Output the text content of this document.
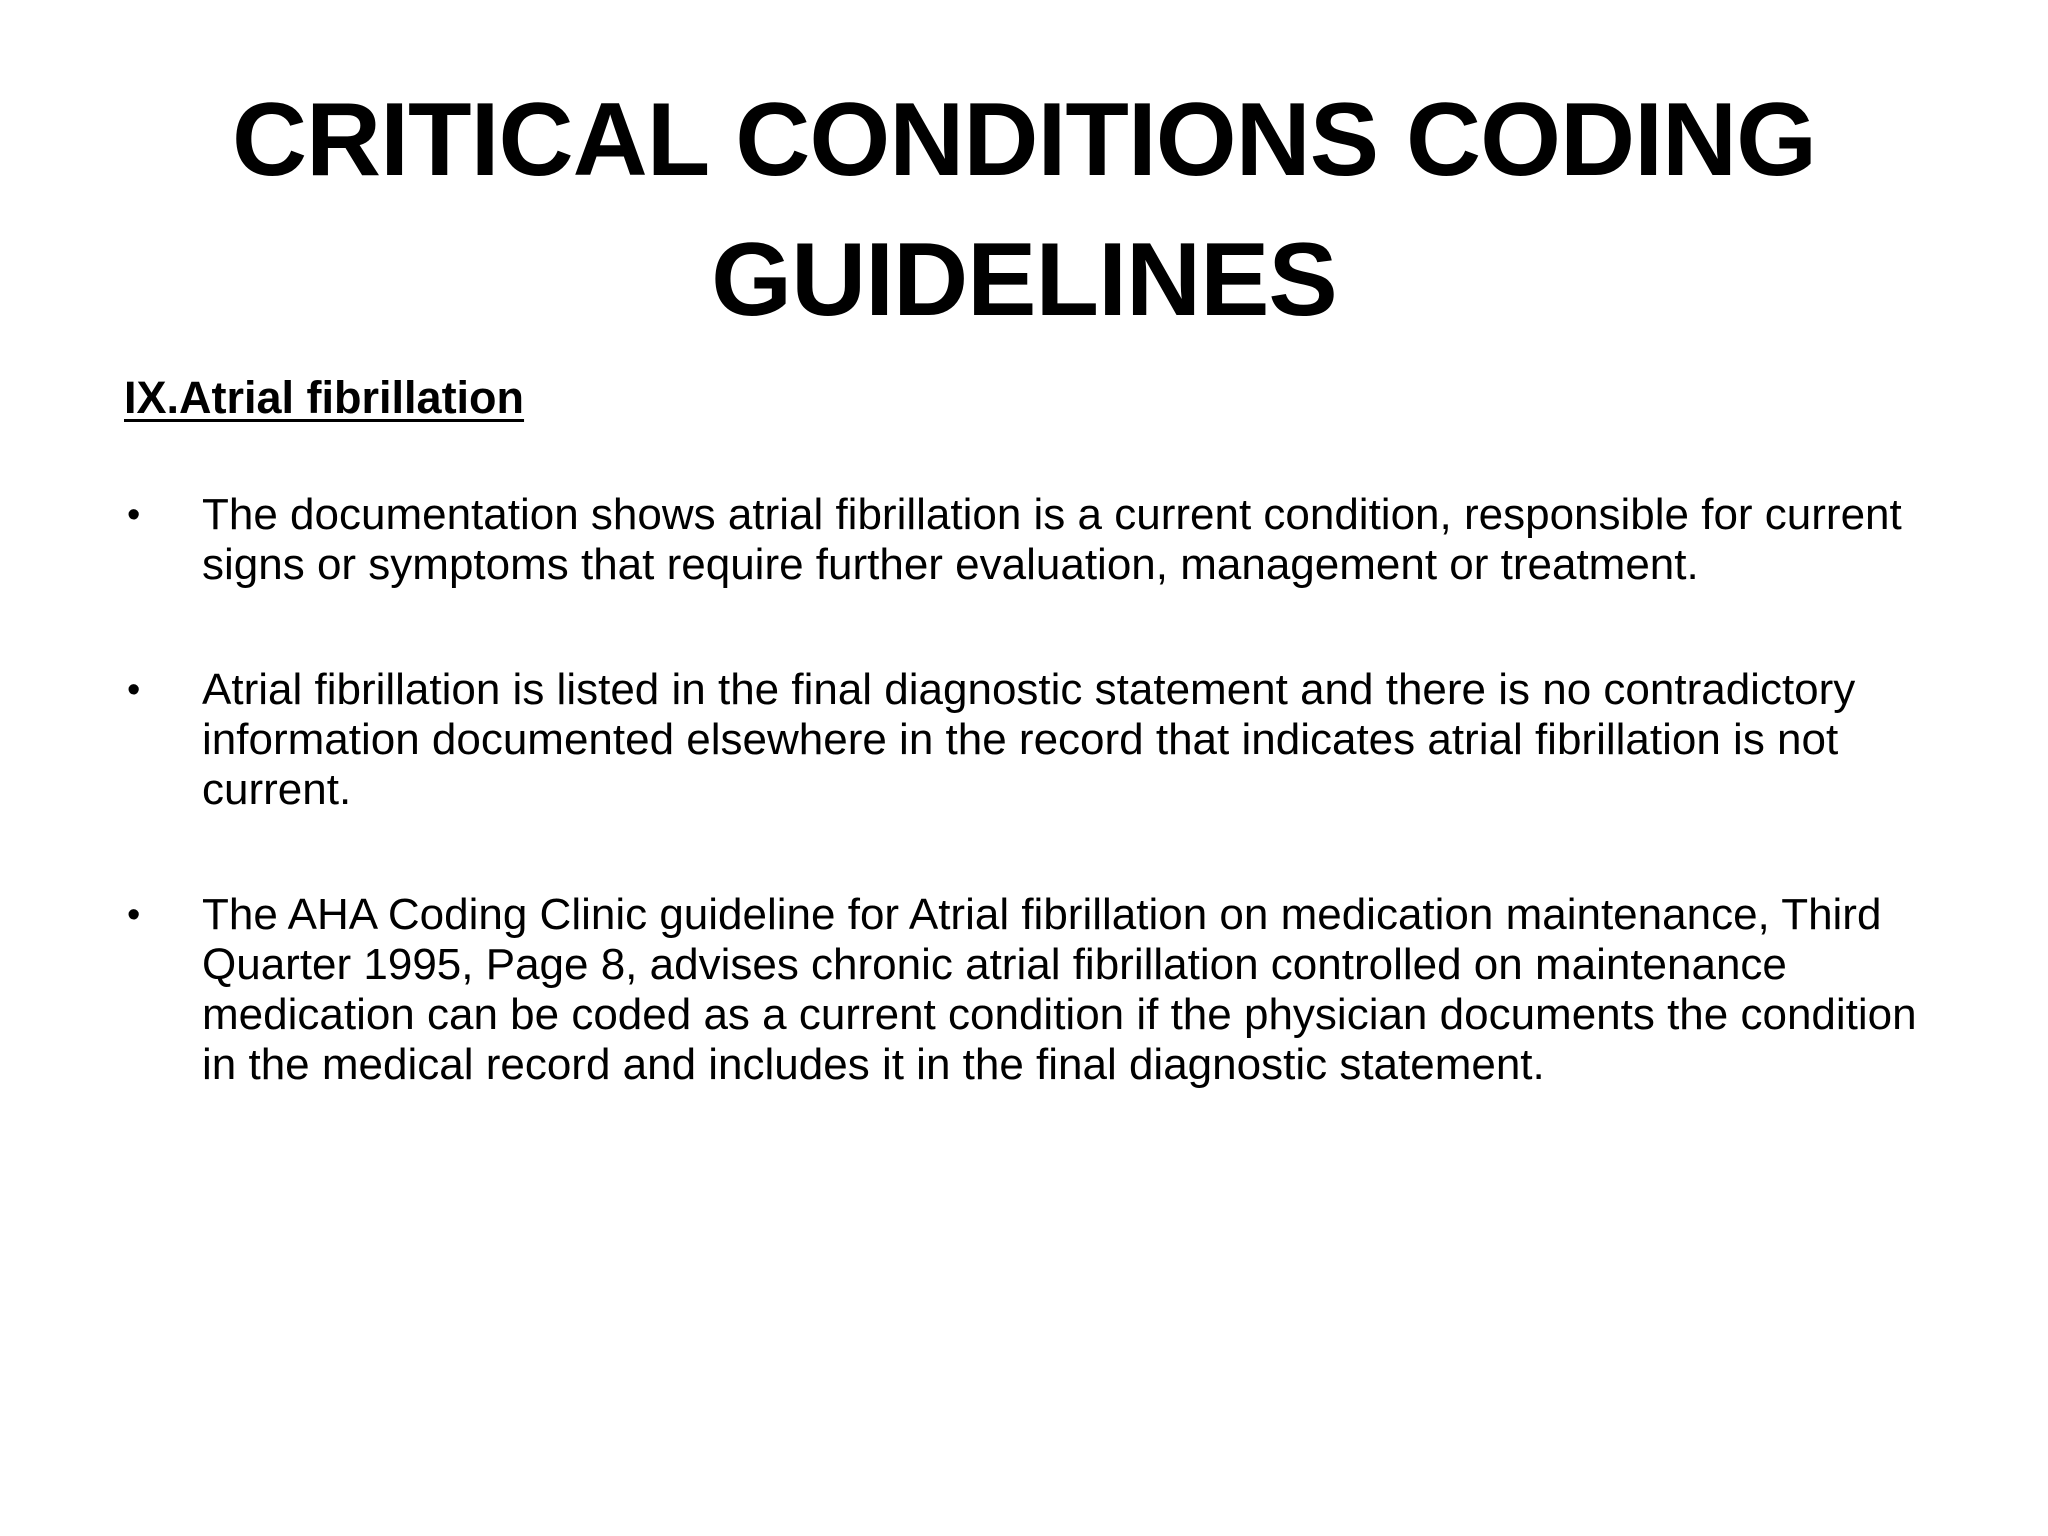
CRITICAL CONDITIONS CODING GUIDELINES
IX.Atrial fibrillation
• The documentation shows atrial fibrillation is a current condition, responsible for current signs or symptoms that require further evaluation, management or treatment.
• Atrial fibrillation is listed in the final diagnostic statement and there is no contradictory information documented elsewhere in the record that indicates atrial fibrillation is not current.
• The AHA Coding Clinic guideline for Atrial fibrillation on medication maintenance, Third Quarter 1995, Page 8, advises chronic atrial fibrillation controlled on maintenance medication can be coded as a current condition if the physician documents the condition in the medical record and includes it in the final diagnostic statement.
